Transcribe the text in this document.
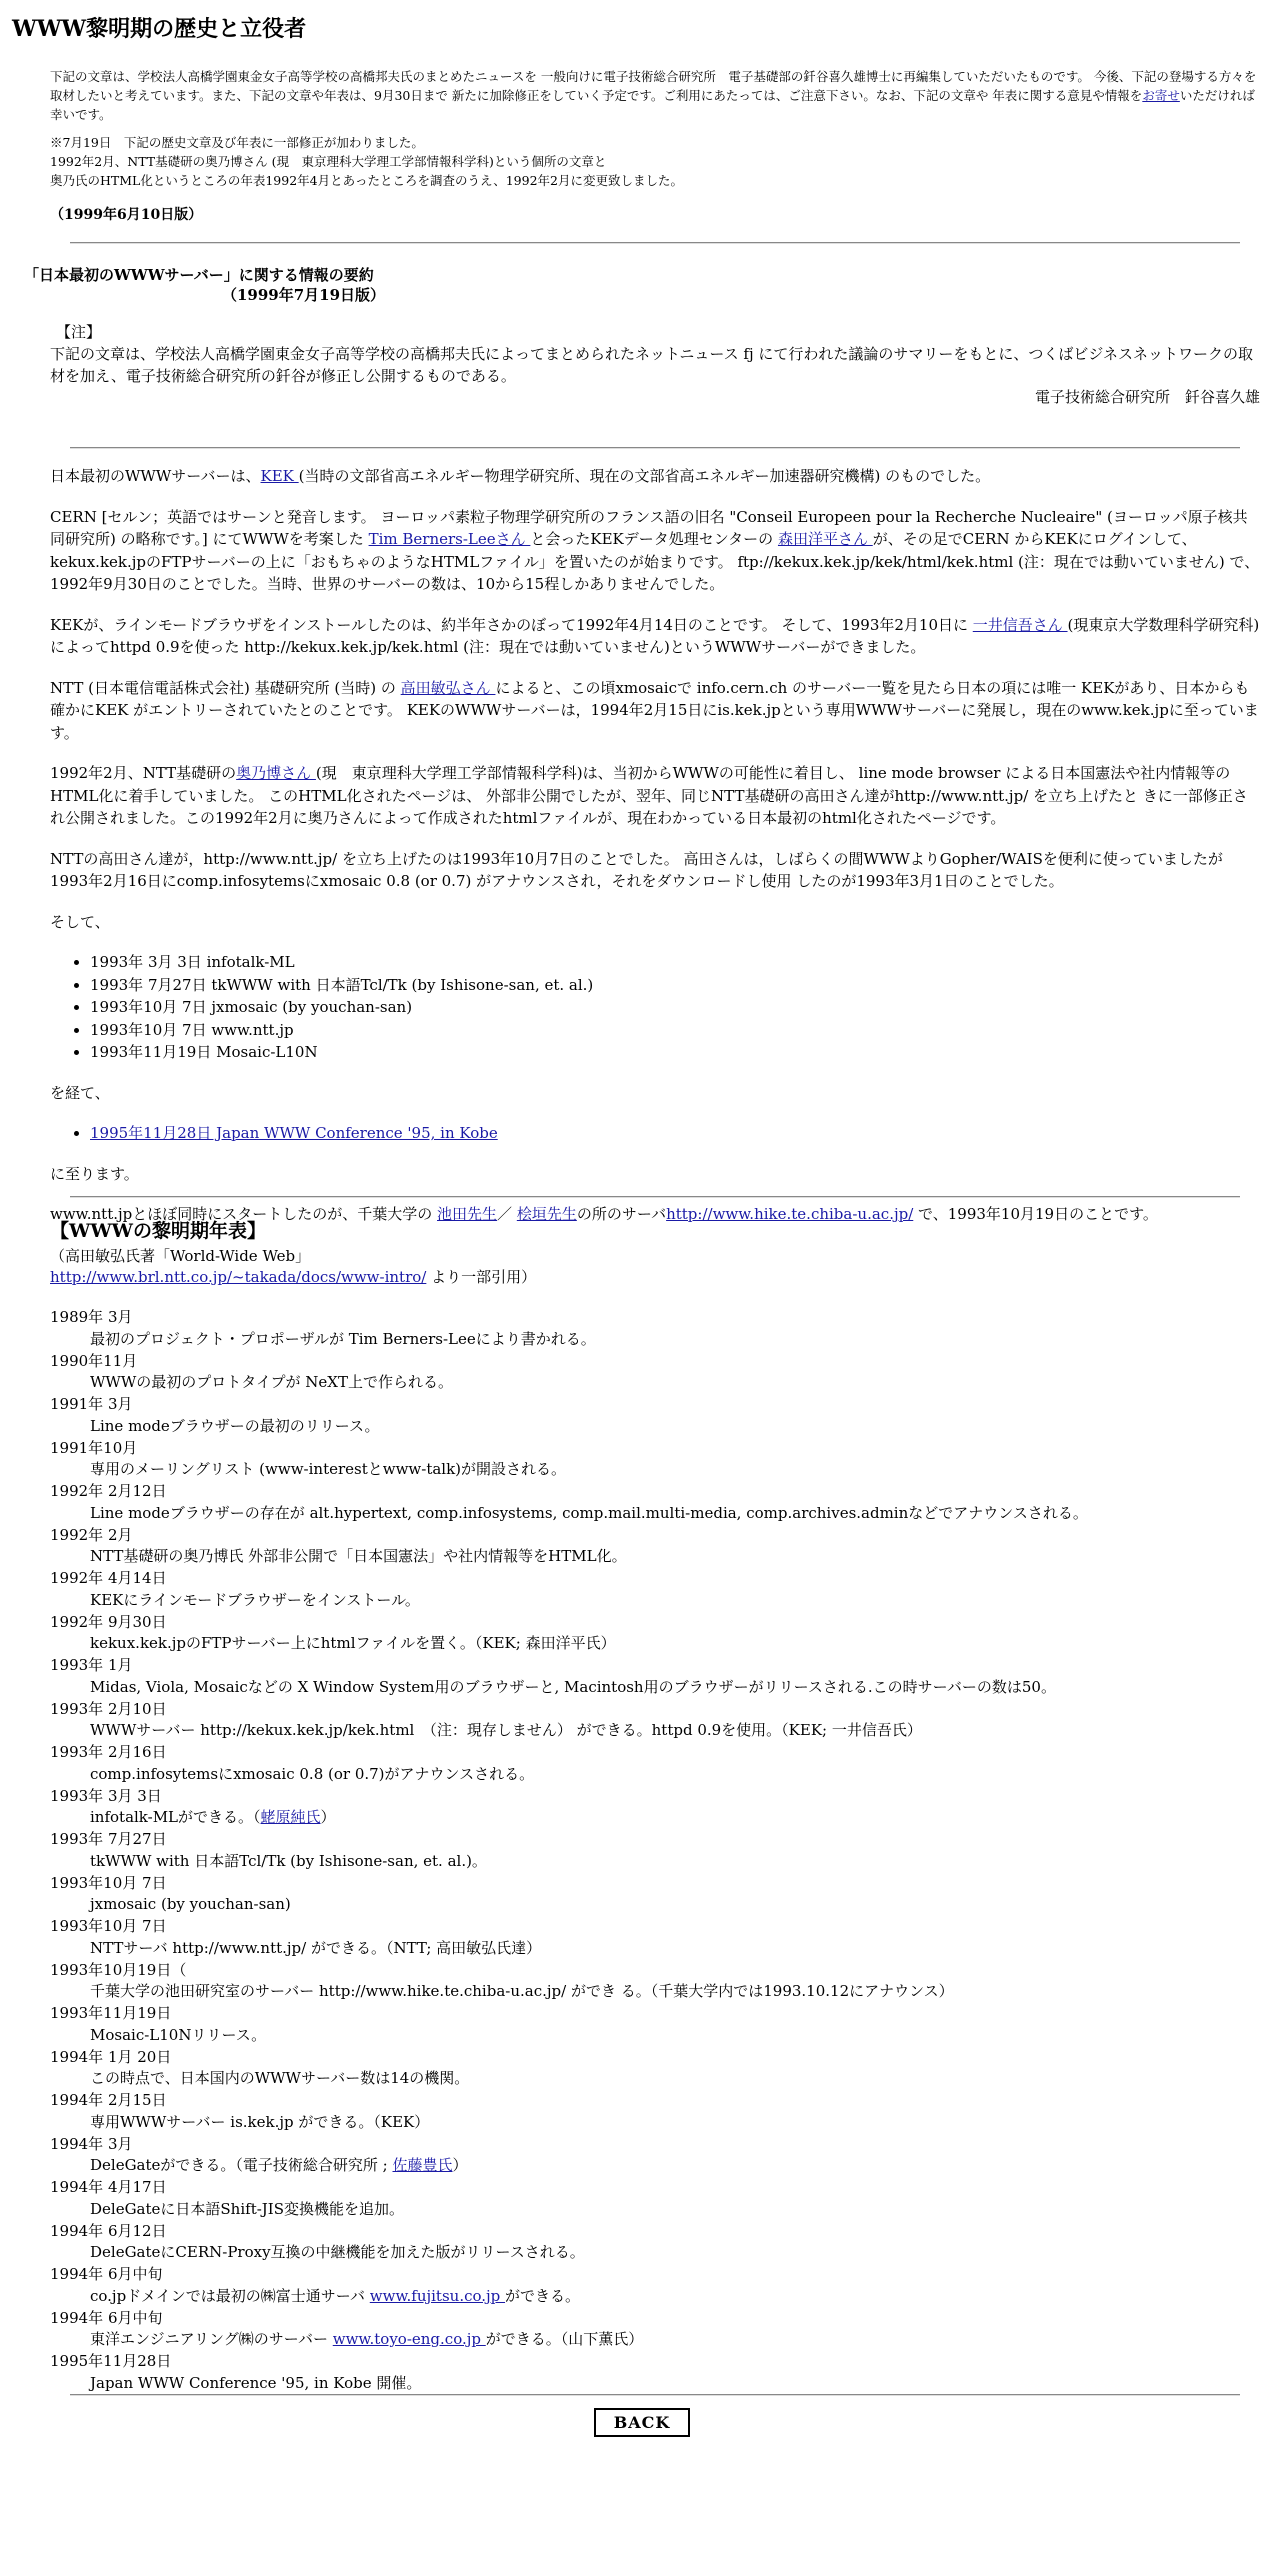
WWW黎明期の歴史と立役者

下記の文章は、学校法人高橋学園東金女子高等学校の高橋邦夫氏のまとめたニュースを 一般向けに電子技術総合研究所　電子基礎部の釺谷喜久雄博士に再編集していただいたものです。 今後、下記の登場する方々を取材したいと考えています。また、下記の文章や年表は、9月30日まで 新たに加除修正をしていく予定です。ご利用にあたっては、ご注意下さい。なお、下記の文章や 年表に関する意見や情報をお寄せいただければ幸いです。

※7月19日　下記の歴史文章及び年表に一部修正が加わりました。
1992年2月、NTT基礎研の奥乃博さん (現　東京理科大学理工学部情報科学科)という個所の文章と
奥乃氏のHTML化というところの年表1992年4月とあったところを調査のうえ、1992年2月に変更致しました。

（1999年6月10日版）
「日本最初のWWWサーバー」に関する情報の要約
（1999年7月19日版）
【注】
下記の文章は、学校法人高橋学園東金女子高等学校の高橋邦夫氏によってまとめられたネットニュース fj にて行われた議論のサマリーをもとに、つくばビジネスネットワークの取材を加え、電子技術総合研究所の釺谷が修正し公開するものである。
電子技術総合研究所　釺谷喜久雄

日本最初のWWWサーバーは、KEK (当時の文部省高エネルギー物理学研究所、現在の文部省高エネルギー加速器研究機構) のものでした。

CERN [セルン；英語ではサーンと発音します。 ヨーロッパ素粒子物理学研究所のフランス語の旧名 "Conseil Europeen pour la Recherche Nucleaire" (ヨーロッパ原子核共同研究所) の略称です。] にてWWWを考案した Tim Berners-Leeさん と会ったKEKデータ処理センターの 森田洋平さん が、その足でCERN からKEKにログインして、 kekux.kek.jpのFTPサーバーの上に「おもちゃのようなHTMLファイル」を置いたのが始まりです。 ftp://kekux.kek.jp/kek/html/kek.html (注：現在では動いていません) で、1992年9月30日のことでした。当時、世界のサーバーの数は、10から15程しかありませんでした。

KEKが、ラインモードブラウザをインストールしたのは、約半年さかのぼって1992年4月14日のことです。 そして、1993年2月10日に 一井信吾さん (現東京大学数理科学研究科) によってhttpd 0.9を使った http://kekux.kek.jp/kek.html (注：現在では動いていません)というWWWサーバーができました。

NTT (日本電信電話株式会社) 基礎研究所 (当時) の 高田敏弘さん によると、この頃xmosaicで info.cern.ch のサーバー一覧を見たら日本の項には唯一 KEKがあり、日本からも確かにKEK がエントリーされていたとのことです。 KEKのWWWサーバーは，1994年2月15日にis.kek.jpという専用WWWサーバーに発展し，現在のwww.kek.jpに至っています。

1992年2月、NTT基礎研の奥乃博さん (現　東京理科大学理工学部情報科学科)は、当初からWWWの可能性に着目し、 line mode browser による日本国憲法や社内情報等のHTML化に着手していました。 このHTML化されたページは、 外部非公開でしたが、翌年、同じNTT基礎研の高田さん達がhttp://www.ntt.jp/ を立ち上げたと きに一部修正され公開されました。この1992年2月に奥乃さんによって作成されたhtmlファイルが、現在わかっている日本最初のhtml化されたページです。

NTTの高田さん達が，http://www.ntt.jp/ を立ち上げたのは1993年10月7日のことでした。 高田さんは，しばらくの間WWWよりGopher/WAISを便利に使っていましたが 1993年2月16日にcomp.infosytemsにxmosaic 0.8 (or 0.7) がアナウンスされ，それをダウンロードし使用 したのが1993年3月1日のことでした。

そして、

• 1993年 3月 3日 infotalk-ML
• 1993年 7月27日 tkWWW with 日本語Tcl/Tk (by Ishisone-san, et. al.)
• 1993年10月 7日 jxmosaic (by youchan-san)
• 1993年10月 7日 www.ntt.jp
• 1993年11月19日 Mosaic-L10N

を経て、

• 1995年11月28日 Japan WWW Conference '95, in Kobe

に至ります。

www.ntt.jpとほぼ同時にスタートしたのが、千葉大学の 池田先生／ 桧垣先生の所のサーバhttp://www.hike.te.chiba-u.ac.jp/ で、1993年10月19日のことです。

【WWWの黎明期年表】
（高田敏弘氏著「World-Wide Web」
http://www.brl.ntt.co.jp/~takada/docs/www-intro/ より一部引用）
1989年 3月
最初のプロジェクト・プロポーザルが Tim Berners-Leeにより書かれる。
1990年11月
WWWの最初のプロトタイプが NeXT上で作られる。
1991年 3月
Line modeブラウザーの最初のリリース。
1991年10月
専用のメーリングリスト (www-interestとwww-talk)が開設される。
1992年 2月12日
Line modeブラウザーの存在が alt.hypertext, comp.infosystems, comp.mail.multi-media, comp.archives.adminなどでアナウンスされる。
1992年 2月
NTT基礎研の奥乃博氏 外部非公開で「日本国憲法」や社内情報等をHTML化。
1992年 4月14日
KEKにラインモードブラウザーをインストール。
1992年 9月30日
kekux.kek.jpのFTPサーバー上にhtmlファイルを置く。（KEK; 森田洋平氏）
1993年 1月
Midas, Viola, Mosaicなどの X Window System用のブラウザーと, Macintosh用のブラウザーがリリースされる.この時サーバーの数は50。
1993年 2月10日
WWWサーバー http://kekux.kek.jp/kek.html　（注：現存しません） ができる。httpd 0.9を使用。（KEK; 一井信吾氏）
1993年 2月16日
comp.infosytemsにxmosaic 0.8 (or 0.7)がアナウンスされる。
1993年 3月 3日
infotalk-MLができる。（蛯原純氏）
1993年 7月27日
tkWWW with 日本語Tcl/Tk (by Ishisone-san, et. al.)。
1993年10月 7日
jxmosaic (by youchan-san)
1993年10月 7日
NTTサーバ http://www.ntt.jp/ ができる。（NTT; 高田敏弘氏達）
1993年10月19日（
千葉大学の池田研究室のサーバー http://www.hike.te.chiba-u.ac.jp/ ができ る。（千葉大学内では1993.10.12にアナウンス）
1993年11月19日
Mosaic-L10Nリリース。
1994年 1月 20日
この時点で、日本国内のWWWサーバー数は14の機関。
1994年 2月15日
専用WWWサーバー is.kek.jp ができる。（KEK）
1994年 3月
DeleGateができる。（電子技術総合研究所 ; 佐藤豊氏）
1994年 4月17日
DeleGateに日本語Shift-JIS変換機能を追加。
1994年 6月12日
DeleGateにCERN-Proxy互換の中継機能を加えた版がリリースされる。
1994年 6月中旬
co.jpドメインでは最初の㈱富士通サーバ www.fujitsu.co.jp ができる。
1994年 6月中旬
東洋エンジニアリング㈱のサーバー www.toyo-eng.co.jp ができる。（山下薫氏）
1995年11月28日
Japan WWW Conference '95, in Kobe 開催。
BACK
